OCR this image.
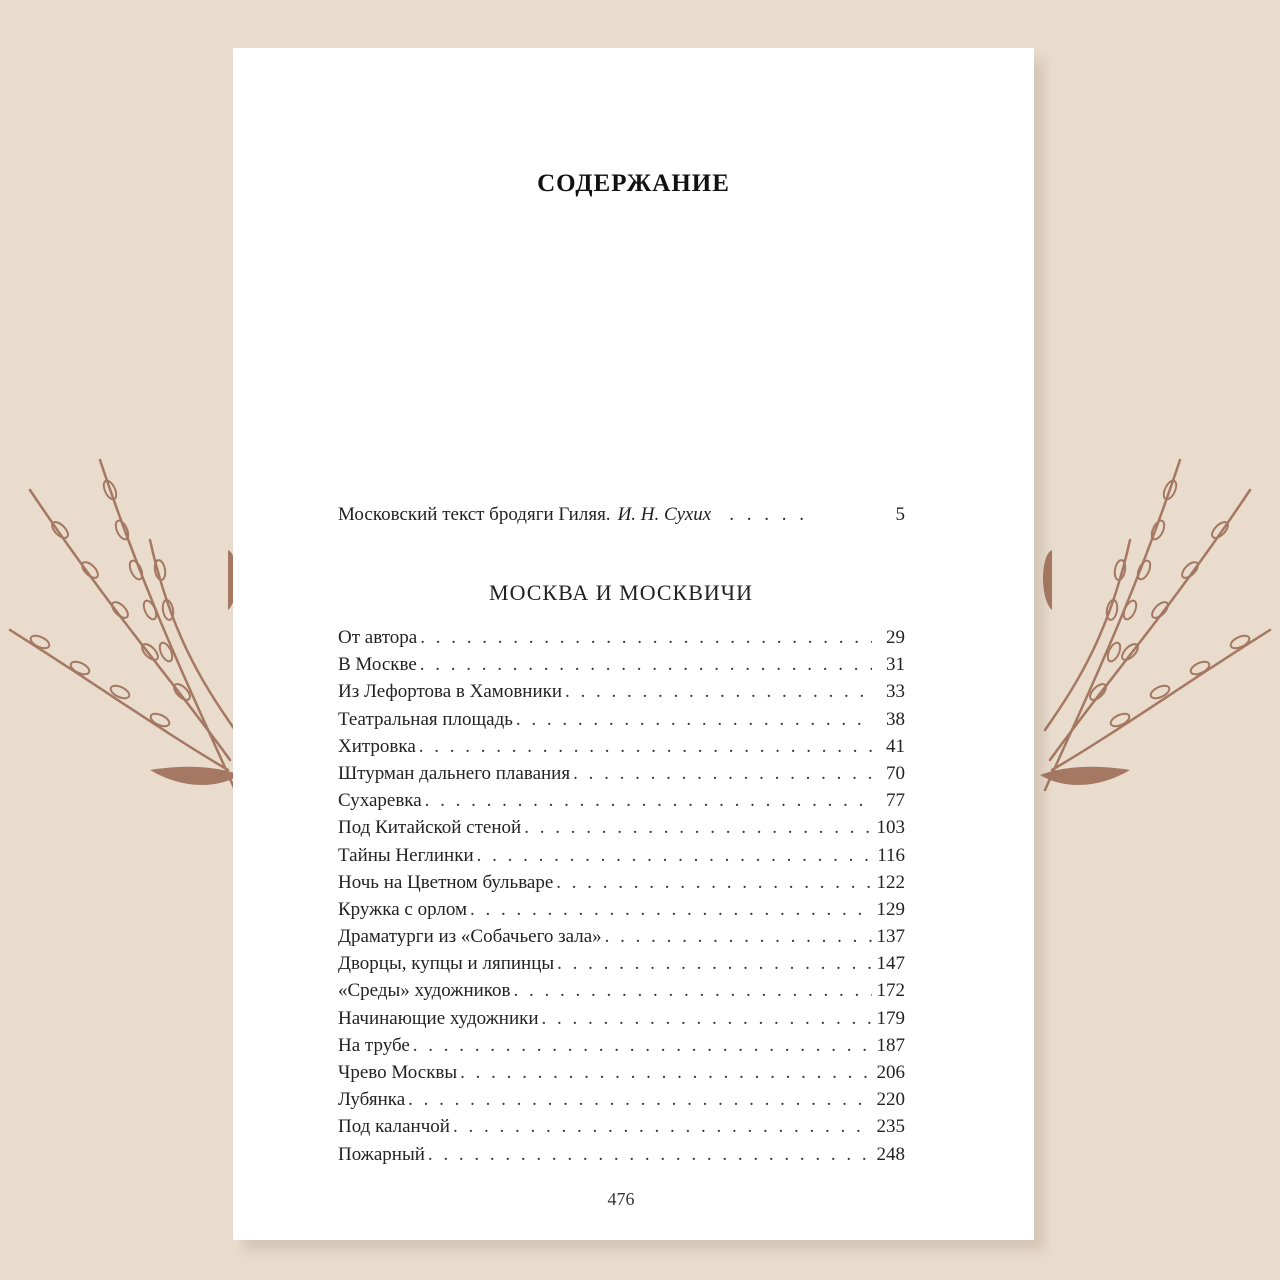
СОДЕРЖАНИЕ
Московский текст бродяги Гиляя. И. Н. Сухих . . . . .	5
МОСКВА И МОСКВИЧИ
От автора . . .	29
В Москве . . .	31
Из Лефортова в Хамовники . . .	33
Театральная площадь . . .	38
Хитровка . . .	41
Штурман дальнего плавания . . .	70
Сухаревка . . .	77
Под Китайской стеной . . .	103
Тайны Неглинки . . .	116
Ночь на Цветном бульваре . . .	122
Кружка с орлом . . .	129
Драматурги из «Собачьего зала» . . .	137
Дворцы, купцы и ляпинцы . . .	147
«Среды» художников . . .	172
Начинающие художники . . .	179
На трубе . . .	187
Чрево Москвы . . .	206
Лубянка . . .	220
Под каланчой . . .	235
Пожарный . . .	248
476
